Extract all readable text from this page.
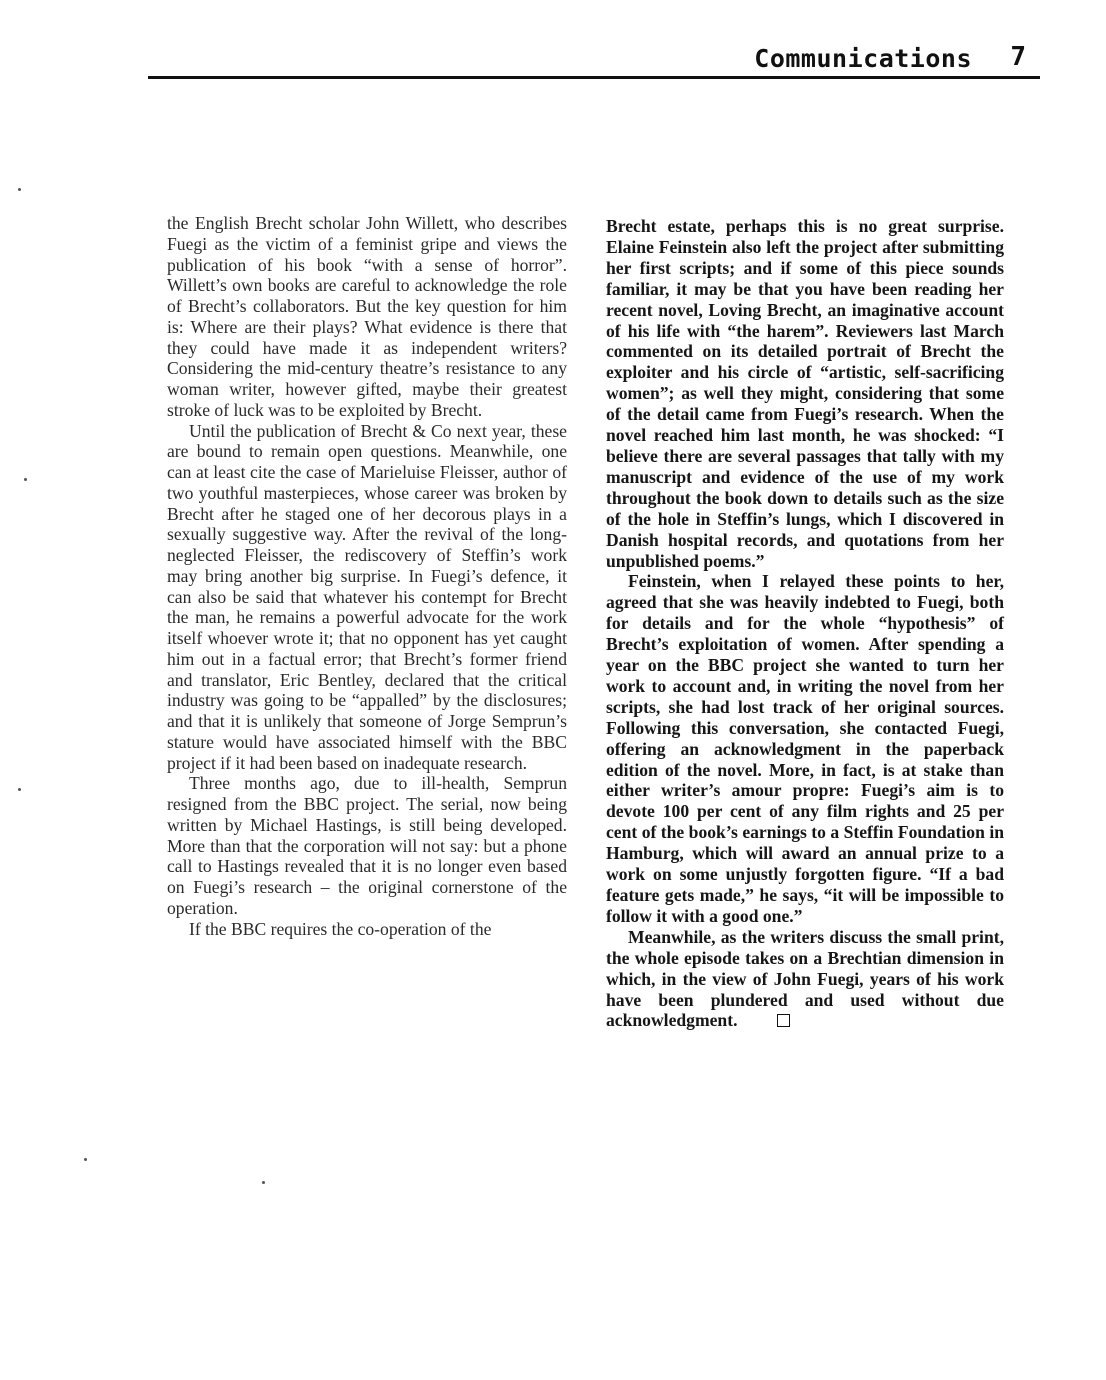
Communications 7

the English Brecht scholar John Willett, who describes Fuegi as the victim of a feminist gripe and views the publication of his book “with a sense of horror”. Willett’s own books are careful to acknowledge the role of Brecht’s collaborators. But the key question for him is: Where are their plays? What evidence is there that they could have made it as independent writers? Considering the mid-century theatre’s resistance to any woman writer, however gifted, maybe their greatest stroke of luck was to be exploited by Brecht.

Until the publication of Brecht & Co next year, these are bound to remain open questions. Meanwhile, one can at least cite the case of Marieluise Fleisser, author of two youthful masterpieces, whose career was broken by Brecht after he staged one of her decorous plays in a sexually suggestive way. After the revival of the long-neglected Fleisser, the rediscovery of Steffin’s work may bring another big surprise. In Fuegi’s defence, it can also be said that whatever his contempt for Brecht the man, he remains a powerful advocate for the work itself whoever wrote it; that no opponent has yet caught him out in a factual error; that Brecht’s former friend and translator, Eric Bentley, declared that the critical industry was going to be “appalled” by the disclosures; and that it is unlikely that someone of Jorge Semprun’s stature would have associated himself with the BBC project if it had been based on inadequate research.

Three months ago, due to ill-health, Semprun resigned from the BBC project. The serial, now being written by Michael Hastings, is still being developed. More than that the corporation will not say: but a phone call to Hastings revealed that it is no longer even based on Fuegi’s research – the original cornerstone of the operation.

If the BBC requires the co-operation of the

Brecht estate, perhaps this is no great surprise. Elaine Feinstein also left the project after submitting her first scripts; and if some of this piece sounds familiar, it may be that you have been reading her recent novel, Loving Brecht, an imaginative account of his life with “the harem”. Reviewers last March commented on its detailed portrait of Brecht the exploiter and his circle of “artistic, self-sacrificing women”; as well they might, considering that some of the detail came from Fuegi’s research. When the novel reached him last month, he was shocked: “I believe there are several passages that tally with my manuscript and evidence of the use of my work throughout the book down to details such as the size of the hole in Steffin’s lungs, which I discovered in Danish hospital records, and quotations from her unpublished poems.”

Feinstein, when I relayed these points to her, agreed that she was heavily indebted to Fuegi, both for details and for the whole “hypothesis” of Brecht’s exploitation of women. After spending a year on the BBC project she wanted to turn her work to account and, in writing the novel from her scripts, she had lost track of her original sources. Following this conversation, she contacted Fuegi, offering an acknowledgment in the paperback edition of the novel. More, in fact, is at stake than either writer’s amour propre: Fuegi’s aim is to devote 100 per cent of any film rights and 25 per cent of the book’s earnings to a Steffin Foundation in Hamburg, which will award an annual prize to a work on some unjustly forgotten figure. “If a bad feature gets made,” he says, “it will be impossible to follow it with a good one.”

Meanwhile, as the writers discuss the small print, the whole episode takes on a Brechtian dimension in which, in the view of John Fuegi, years of his work have been plundered and used without due acknowledgment.
